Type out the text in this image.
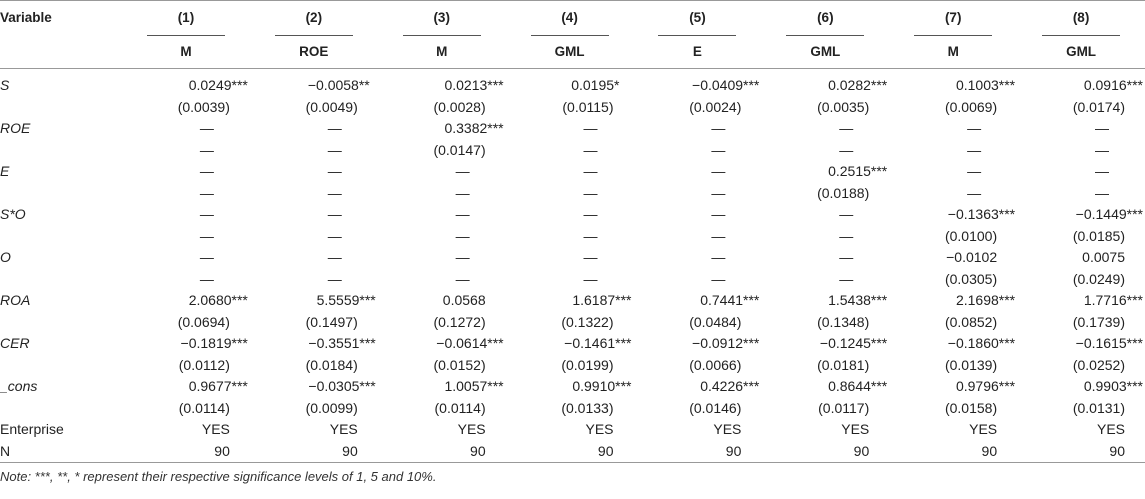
Variable	(1)	(2)	(3)	(4)	(5)	(6)	(7)	(8)
	M	ROE	M	GML	E	GML	M	GML
S	0.0249***	−0.0058**	0.0213***	0.0195*	−0.0409***	0.0282***	0.1003***	0.0916***
	(0.0039)	(0.0049)	(0.0028)	(0.0115)	(0.0024)	(0.0035)	(0.0069)	(0.0174)
ROE	—	—	0.3382***	—	—	—	—	—
	—	—	(0.0147)	—	—	—	—	—
E	—	—	—	—	—	0.2515***	—	—
	—	—	—	—	—	(0.0188)	—	—
S*O	—	—	—	—	—	—	−0.1363***	−0.1449***
	—	—	—	—	—	—	(0.0100)	(0.0185)
O	—	—	—	—	—	—	−0.0102	0.0075
	—	—	—	—	—	—	(0.0305)	(0.0249)
ROA	2.0680***	5.5559***	0.0568	1.6187***	0.7441***	1.5438***	2.1698***	1.7716***
	(0.0694)	(0.1497)	(0.1272)	(0.1322)	(0.0484)	(0.1348)	(0.0852)	(0.1739)
CER	−0.1819***	−0.3551***	−0.0614***	−0.1461***	−0.0912***	−0.1245***	−0.1860***	−0.1615***
	(0.0112)	(0.0184)	(0.0152)	(0.0199)	(0.0066)	(0.0181)	(0.0139)	(0.0252)
_cons	0.9677***	−0.0305***	1.0057***	0.9910***	0.4226***	0.8644***	0.9796***	0.9903***
	(0.0114)	(0.0099)	(0.0114)	(0.0133)	(0.0146)	(0.0117)	(0.0158)	(0.0131)
Enterprise	YES	YES	YES	YES	YES	YES	YES	YES
N	90	90	90	90	90	90	90	90
Note: ***, **, * represent their respective significance levels of 1, 5 and 10%.
